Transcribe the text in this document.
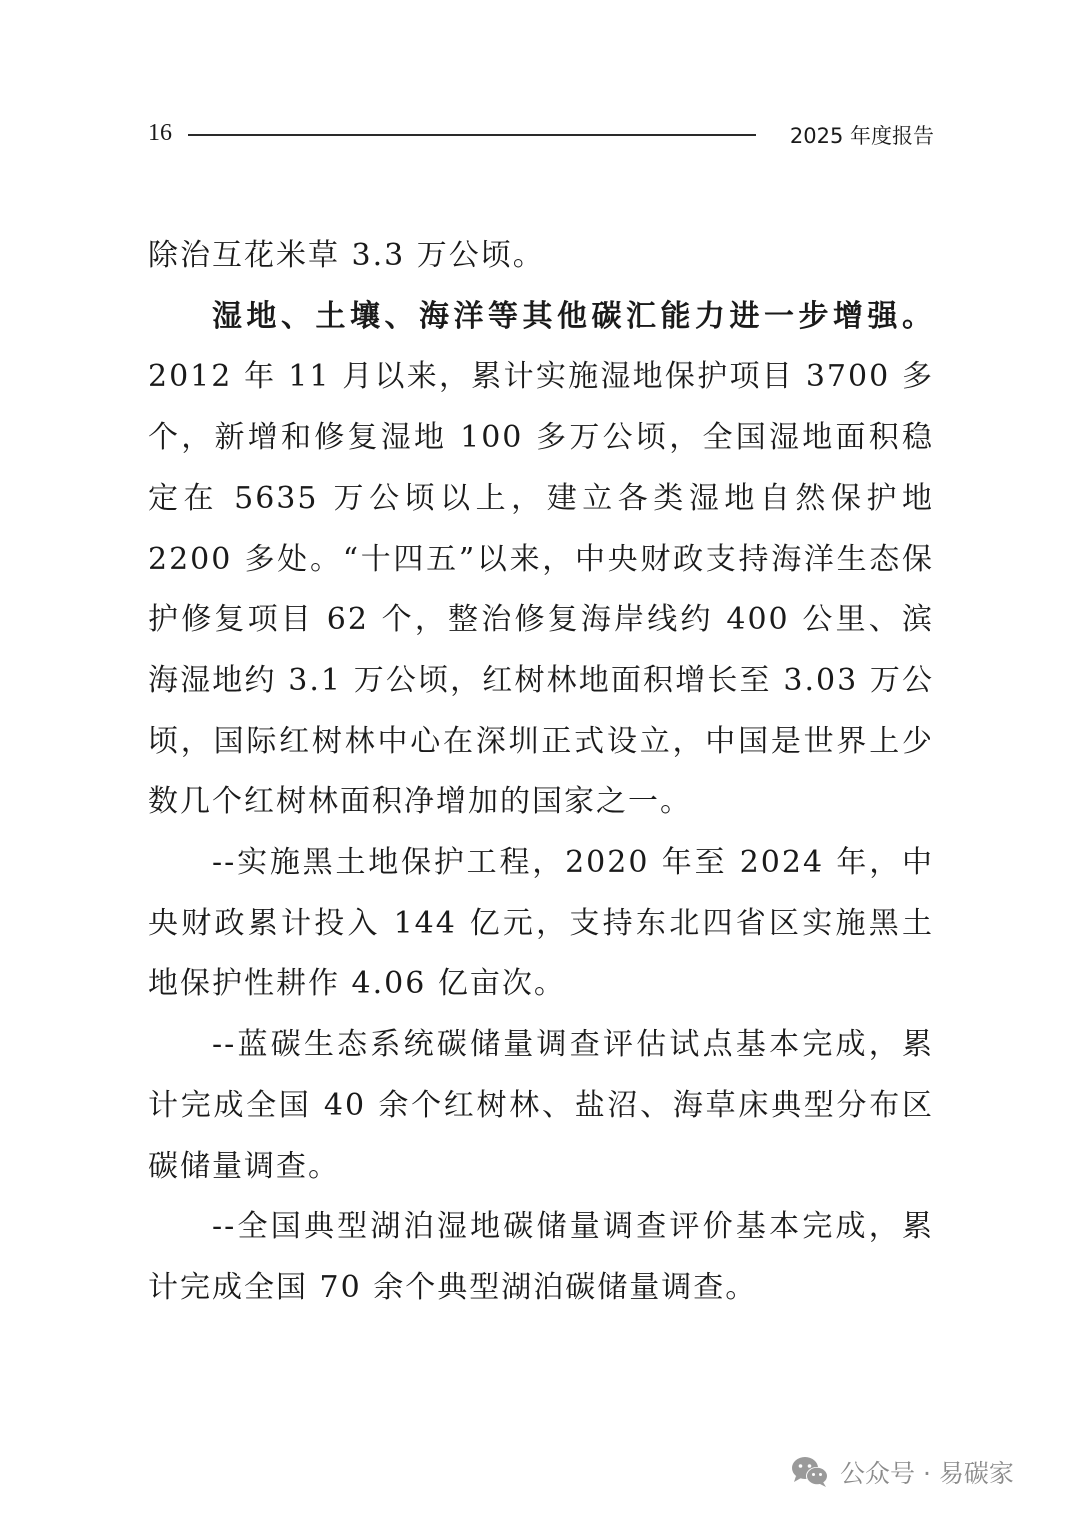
16	2025 年度报告

除治互花米草 3.3 万公顷。

湿地、土壤、海洋等其他碳汇能力进一步增强。2012 年 11 月以来，累计实施湿地保护项目 3700 多个，新增和修复湿地 100 多万公顷，全国湿地面积稳定在 5635 万公顷以上，建立各类湿地自然保护地 2200 多处。“十四五”以来，中央财政支持海洋生态保护修复项目 62 个，整治修复海岸线约 400 公里、滨海湿地约 3.1 万公顷，红树林地面积增长至 3.03 万公顷，国际红树林中心在深圳正式设立，中国是世界上少数几个红树林面积净增加的国家之一。

--实施黑土地保护工程，2020 年至 2024 年，中央财政累计投入 144 亿元，支持东北四省区实施黑土地保护性耕作 4.06 亿亩次。

--蓝碳生态系统碳储量调查评估试点基本完成，累计完成全国 40 余个红树林、盐沼、海草床典型分布区碳储量调查。

--全国典型湖泊湿地碳储量调查评价基本完成，累计完成全国 70 余个典型湖泊碳储量调查。

公众号 · 易碳家
